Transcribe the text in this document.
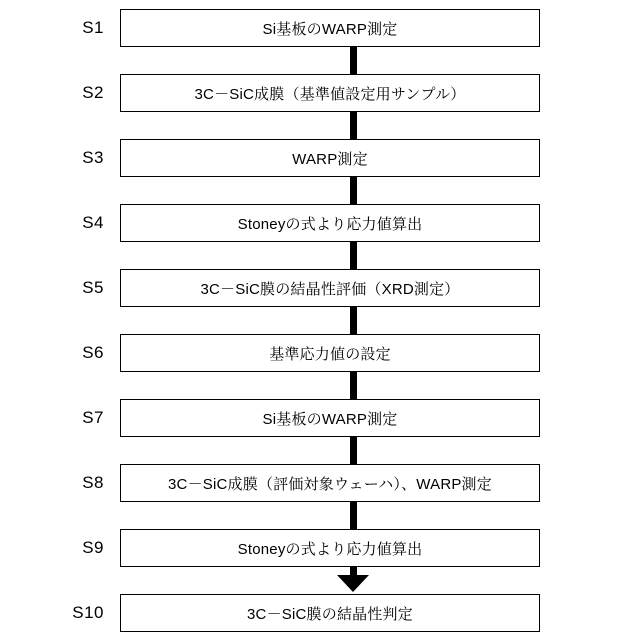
S1	Si基板のWARP測定
S2	3C－SiC成膜（基準値設定用サンプル）
S3	WARP測定
S4	Stoneyの式より応力値算出
S5	3C－SiC膜の結晶性評価（XRD測定）
S6	基準応力値の設定
S7	Si基板のWARP測定
S8	3C－SiC成膜（評価対象ウェーハ）、WARP測定
S9	Stoneyの式より応力値算出
S10	3C－SiC膜の結晶性判定
